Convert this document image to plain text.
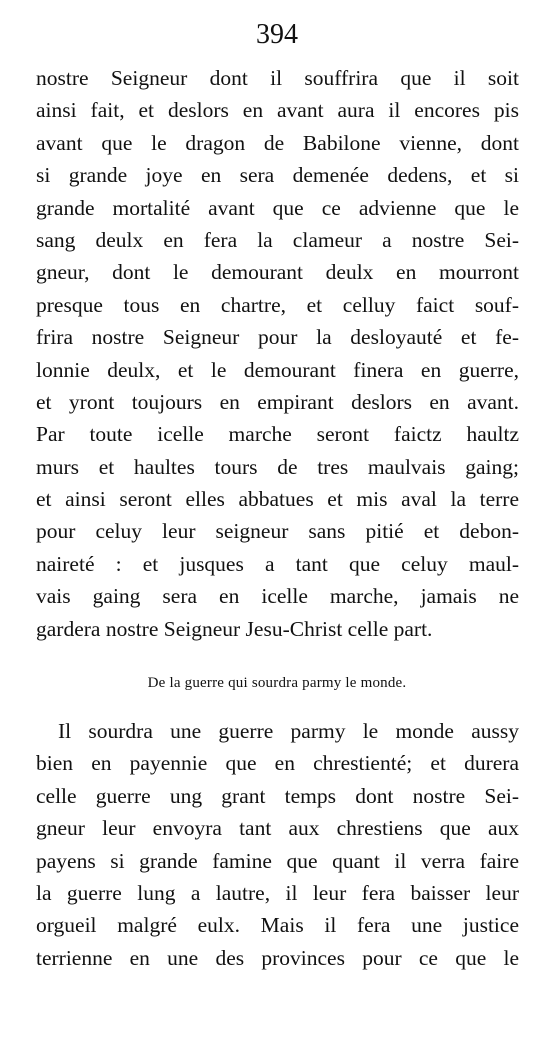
394
nostre Seigneur dont il souffrira que il soit
ainsi fait, et deslors en avant aura il encores pis
avant que le dragon de Babilone vienne, dont
si grande joye en sera demenée dedens, et si
grande mortalité avant que ce advienne que le
sang deulx en fera la clameur a nostre Sei-
gneur, dont le demourant deulx en mourront
presque tous en chartre, et celluy faict souf-
frira nostre Seigneur pour la desloyauté et fe-
lonnie deulx, et le demourant finera en guerre,
et yront toujours en empirant deslors en avant.
Par toute icelle marche seront faictz haultz
murs et haultes tours de tres maulvais gaing;
et ainsi seront elles abbatues et mis aval la terre
pour celuy leur seigneur sans pitié et debon-
naireté : et jusques a tant que celuy maul-
vais gaing sera en icelle marche, jamais ne
gardera nostre Seigneur Jesu-Christ celle part.
De la guerre qui sourdra parmy le monde.
Il sourdra une guerre parmy le monde aussy
bien en payennie que en chrestienté; et durera
celle guerre ung grant temps dont nostre Sei-
gneur leur envoyra tant aux chrestiens que aux
payens si grande famine que quant il verra faire
la guerre lung a lautre, il leur fera baisser leur
orgueil malgré eulx. Mais il fera une justice
terrienne en une des provinces pour ce que le
